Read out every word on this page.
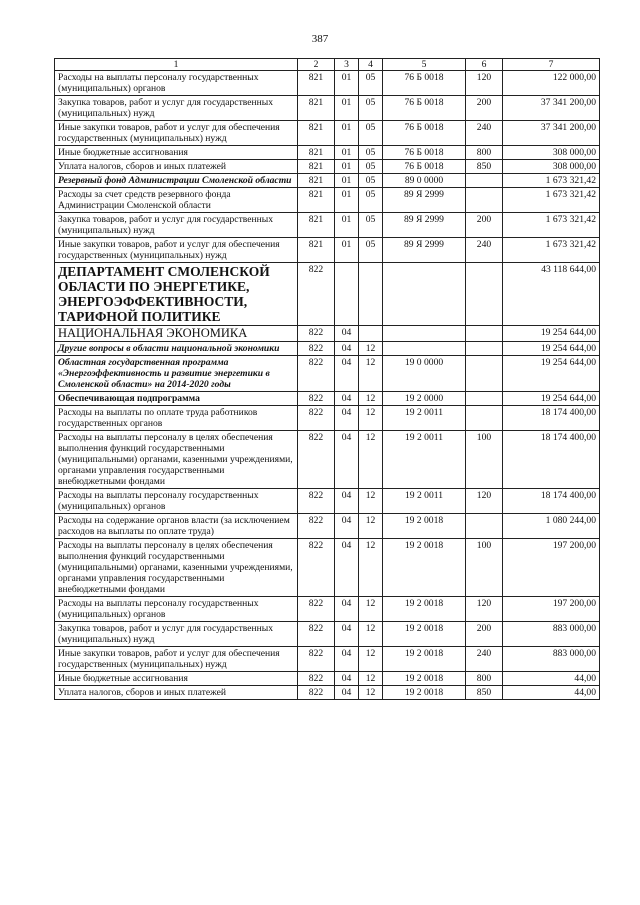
387
1	2	3	4	5	6	7
Расходы на выплаты персоналу государственных (муниципальных) органов	821	01	05	76 Б 0018	120	122 000,00
Закупка товаров, работ и услуг для государственных (муниципальных) нужд	821	01	05	76 Б 0018	200	37 341 200,00
Иные закупки товаров, работ и услуг для обеспечения государственных (муниципальных) нужд	821	01	05	76 Б 0018	240	37 341 200,00
Иные бюджетные ассигнования	821	01	05	76 Б 0018	800	308 000,00
Уплата налогов, сборов и иных платежей	821	01	05	76 Б 0018	850	308 000,00
Резервный фонд Администрации Смоленской области	821	01	05	89 0 0000		1 673 321,42
Расходы за счет средств резервного фонда Администрации Смоленской области	821	01	05	89 Я 2999		1 673 321,42
Закупка товаров, работ и услуг для государственных (муниципальных) нужд	821	01	05	89 Я 2999	200	1 673 321,42
Иные закупки товаров, работ и услуг для обеспечения государственных (муниципальных) нужд	821	01	05	89 Я 2999	240	1 673 321,42
ДЕПАРТАМЕНТ СМОЛЕНСКОЙ ОБЛАСТИ ПО ЭНЕРГЕТИКЕ, ЭНЕРГОЭФФЕКТИВНОСТИ, ТАРИФНОЙ ПОЛИТИКЕ	822					43 118 644,00
НАЦИОНАЛЬНАЯ ЭКОНОМИКА	822	04				19 254 644,00
Другие вопросы в области национальной экономики	822	04	12			19 254 644,00
Областная государственная программа «Энергоэффективность и развитие энергетики в Смоленской области» на 2014-2020 годы	822	04	12	19 0 0000		19 254 644,00
Обеспечивающая подпрограмма	822	04	12	19 2 0000		19 254 644,00
Расходы на выплаты по оплате труда работников государственных органов	822	04	12	19 2 0011		18 174 400,00
Расходы на выплаты персоналу в целях обеспечения выполнения функций государственными (муниципальными) органами, казенными учреждениями, органами управления государственными внебюджетными фондами	822	04	12	19 2 0011	100	18 174 400,00
Расходы на выплаты персоналу государственных (муниципальных) органов	822	04	12	19 2 0011	120	18 174 400,00
Расходы на содержание органов власти (за исключением расходов на выплаты по оплате труда)	822	04	12	19 2 0018		1 080 244,00
Расходы на выплаты персоналу в целях обеспечения выполнения функций государственными (муниципальными) органами, казенными учреждениями, органами управления государственными внебюджетными фондами	822	04	12	19 2 0018	100	197 200,00
Расходы на выплаты персоналу государственных (муниципальных) органов	822	04	12	19 2 0018	120	197 200,00
Закупка товаров, работ и услуг для государственных (муниципальных) нужд	822	04	12	19 2 0018	200	883 000,00
Иные закупки товаров, работ и услуг для обеспечения государственных (муниципальных) нужд	822	04	12	19 2 0018	240	883 000,00
Иные бюджетные ассигнования	822	04	12	19 2 0018	800	44,00
Уплата налогов, сборов и иных платежей	822	04	12	19 2 0018	850	44,00
